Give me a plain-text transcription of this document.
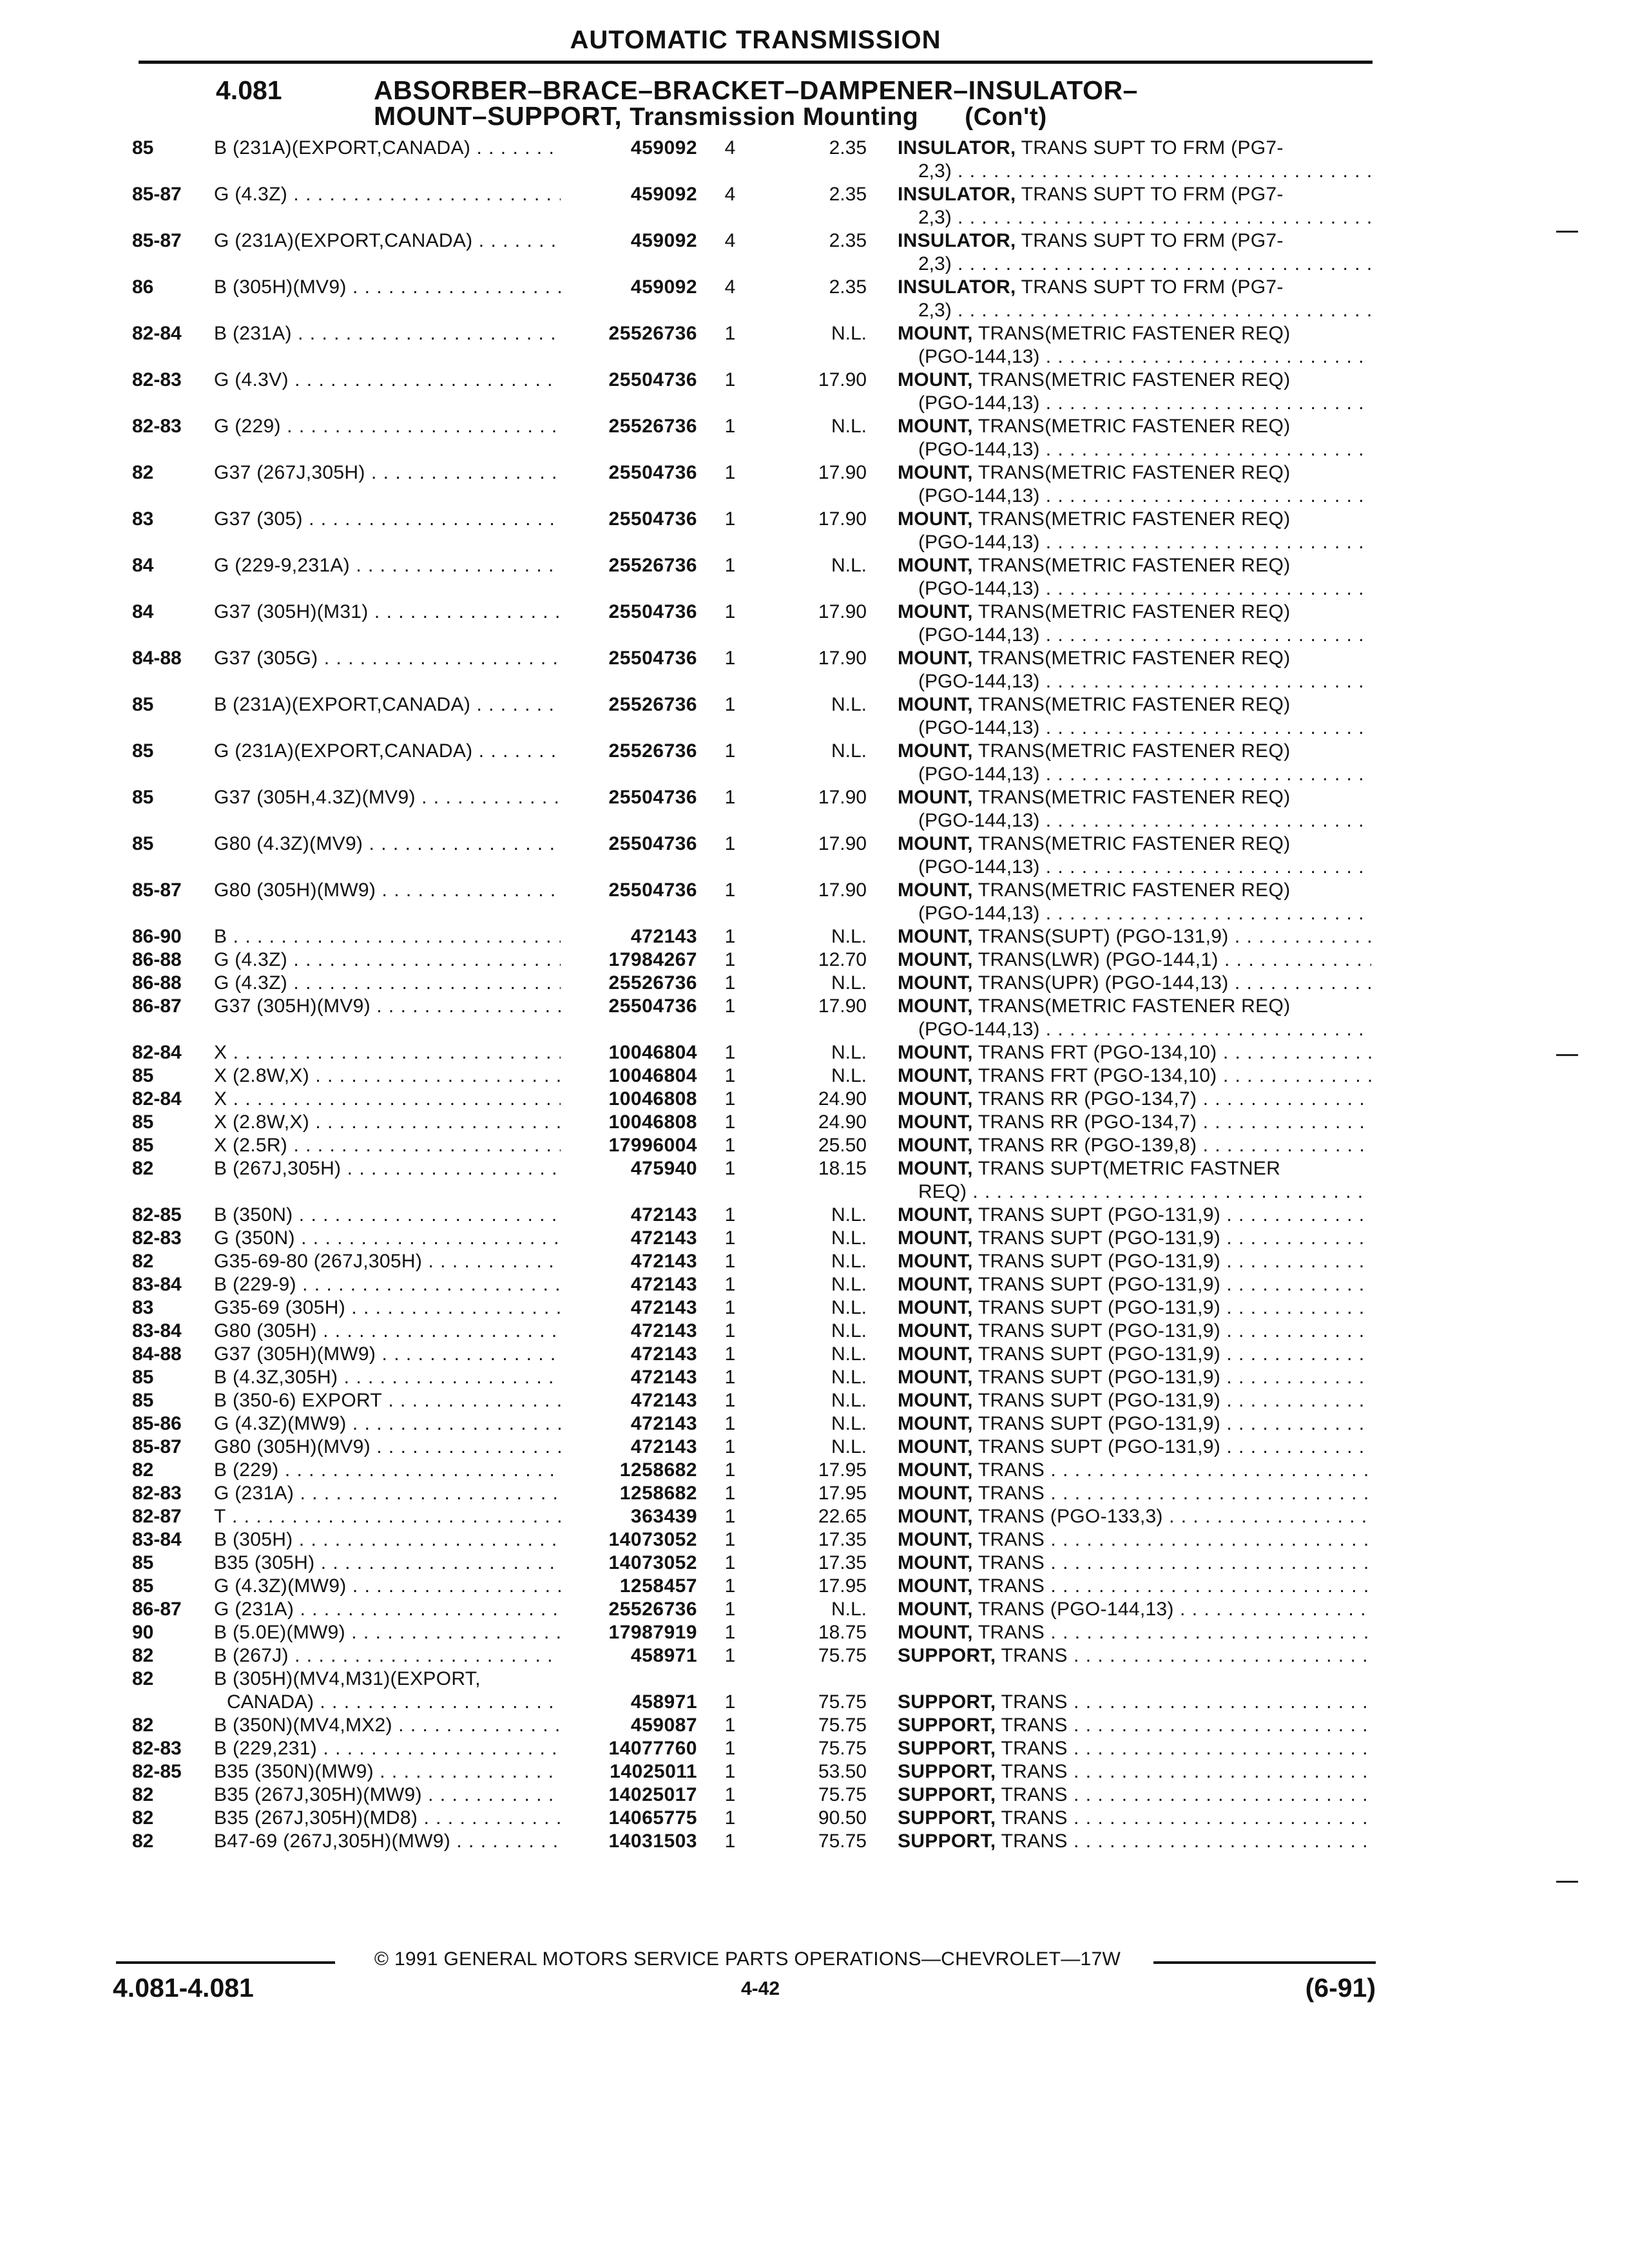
AUTOMATIC TRANSMISSION
4.081	ABSORBER–BRACE–BRACKET–DAMPENER–INSULATOR–
MOUNT–SUPPORT, Transmission Mounting (Con't)
85	B (231A)(EXPORT,CANADA) . . .	459092 4	2.35 INSULATOR, TRANS SUPT TO FRM (PG7-
2,3) . . .
85-87 G (4.3Z) . . .	459092 4	2.35 INSULATOR, TRANS SUPT TO FRM (PG7-
2,3) . . .
85-87 G (231A)(EXPORT,CANADA) . . .	459092 4	2.35 INSULATOR, TRANS SUPT TO FRM (PG7-
2,3) . . .
86	B (305H)(MV9) . . .	459092 4	2.35 INSULATOR, TRANS SUPT TO FRM (PG7-
2,3) . . .
82-84 B (231A) . . .	25526736 1	N.L. MOUNT, TRANS(METRIC FASTENER REQ)
(PGO-144,13) . . .
82-83 G (4.3V) . . .	25504736 1	17.90 MOUNT, TRANS(METRIC FASTENER REQ)
(PGO-144,13) . . .
82-83 G (229) . . .	25526736 1	N.L. MOUNT, TRANS(METRIC FASTENER REQ)
(PGO-144,13) . . .
82	G37 (267J,305H) . . .	25504736 1	17.90 MOUNT, TRANS(METRIC FASTENER REQ)
(PGO-144,13) . . .
83	G37 (305) . . .	25504736 1	17.90 MOUNT, TRANS(METRIC FASTENER REQ)
(PGO-144,13) . . .
84	G (229-9,231A) . . .	25526736 1	N.L. MOUNT, TRANS(METRIC FASTENER REQ)
(PGO-144,13) . . .
84	G37 (305H)(M31) . . .	25504736 1	17.90 MOUNT, TRANS(METRIC FASTENER REQ)
(PGO-144,13) . . .
84-88 G37 (305G) . . .	25504736 1	17.90 MOUNT, TRANS(METRIC FASTENER REQ)
(PGO-144,13) . . .
85	B (231A)(EXPORT,CANADA) . . .	25526736 1	N.L. MOUNT, TRANS(METRIC FASTENER REQ)
(PGO-144,13) . . .
85	G (231A)(EXPORT,CANADA) . . .	25526736 1	N.L. MOUNT, TRANS(METRIC FASTENER REQ)
(PGO-144,13) . . .
85	G37 (305H,4.3Z)(MV9) . . .	25504736 1	17.90 MOUNT, TRANS(METRIC FASTENER REQ)
(PGO-144,13) . . .
85	G80 (4.3Z)(MV9) . . .	25504736 1	17.90 MOUNT, TRANS(METRIC FASTENER REQ)
(PGO-144,13) . . .
85-87 G80 (305H)(MW9) . . .	25504736 1	17.90 MOUNT, TRANS(METRIC FASTENER REQ)
(PGO-144,13) . . .
86-90 B . . .	472143 1	N.L. MOUNT, TRANS(SUPT) (PGO-131,9) . . .
86-88 G (4.3Z) . . .	17984267 1	12.70 MOUNT, TRANS(LWR) (PGO-144,1) . . .
86-88 G (4.3Z) . . .	25526736 1	N.L. MOUNT, TRANS(UPR) (PGO-144,13) . . .
86-87 G37 (305H)(MV9) . . .	25504736 1	17.90 MOUNT, TRANS(METRIC FASTENER REQ)
(PGO-144,13) . . .
82-84 X . . .	10046804 1	N.L. MOUNT, TRANS FRT (PGO-134,10) . . .
85	X (2.8W,X) . . .	10046804 1	N.L. MOUNT, TRANS FRT (PGO-134,10) . . .
82-84 X . . .	10046808 1	24.90 MOUNT, TRANS RR (PGO-134,7) . . .
85	X (2.8W,X) . . .	10046808 1	24.90 MOUNT, TRANS RR (PGO-134,7) . . .
85	X (2.5R) . . .	17996004 1	25.50 MOUNT, TRANS RR (PGO-139,8) . . .
82	B (267J,305H) . . .	475940 1	18.15 MOUNT, TRANS SUPT(METRIC FASTNER
REQ) . . .
82-85 B (350N) . . .	472143 1	N.L. MOUNT, TRANS SUPT (PGO-131,9) . . .
82-83 G (350N) . . .	472143 1	N.L. MOUNT, TRANS SUPT (PGO-131,9) . . .
82	G35-69-80 (267J,305H) . . .	472143 1	N.L. MOUNT, TRANS SUPT (PGO-131,9) . . .
83-84 B (229-9) . . .	472143 1	N.L. MOUNT, TRANS SUPT (PGO-131,9) . . .
83	G35-69 (305H) . . .	472143 1	N.L. MOUNT, TRANS SUPT (PGO-131,9) . . .
83-84 G80 (305H) . . .	472143 1	N.L. MOUNT, TRANS SUPT (PGO-131,9) . . .
84-88 G37 (305H)(MW9) . . .	472143 1	N.L. MOUNT, TRANS SUPT (PGO-131,9) . . .
85	B (4.3Z,305H) . . .	472143 1	N.L. MOUNT, TRANS SUPT (PGO-131,9) . . .
85	B (350-6) EXPORT . . .	472143 1	N.L. MOUNT, TRANS SUPT (PGO-131,9) . . .
85-86 G (4.3Z)(MW9) . . .	472143 1	N.L. MOUNT, TRANS SUPT (PGO-131,9) . . .
85-87 G80 (305H)(MV9) . . .	472143 1	N.L. MOUNT, TRANS SUPT (PGO-131,9) . . .
82	B (229) . . .	1258682 1	17.95 MOUNT, TRANS . . .
82-83 G (231A) . . .	1258682 1	17.95 MOUNT, TRANS . . .
82-87 T . . .	363439 1	22.65 MOUNT, TRANS (PGO-133,3) . . .
83-84 B (305H) . . .	14073052 1	17.35 MOUNT, TRANS . . .
85	B35 (305H) . . .	14073052 1	17.35 MOUNT, TRANS . . .
85	G (4.3Z)(MW9) . . .	1258457 1	17.95 MOUNT, TRANS . . .
86-87 G (231A) . . .	25526736 1	N.L. MOUNT, TRANS (PGO-144,13) . . .
90	B (5.0E)(MW9) . . .	17987919 1	18.75 MOUNT, TRANS . . .
82	B (267J) . . .	458971 1	75.75 SUPPORT, TRANS . . .
82	B (305H)(MV4,M31)(EXPORT,
CANADA) . . .	458971 1	75.75 SUPPORT, TRANS . . .
82	B (350N)(MV4,MX2) . . .	459087 1	75.75 SUPPORT, TRANS . . .
82-83 B (229,231) . . .	14077760 1	75.75 SUPPORT, TRANS . . .
82-85 B35 (350N)(MW9) . . .	14025011 1	53.50 SUPPORT, TRANS . . .
82	B35 (267J,305H)(MW9) . . .	14025017 1	75.75 SUPPORT, TRANS . . .
82	B35 (267J,305H)(MD8) . . .	14065775 1	90.50 SUPPORT, TRANS . . .
82	B47-69 (267J,305H)(MW9) . . .	14031503 1	75.75 SUPPORT, TRANS . . .
© 1991 GENERAL MOTORS SERVICE PARTS OPERATIONS—CHEVROLET—17W
4.081-4.081	4-42	(6-91)
